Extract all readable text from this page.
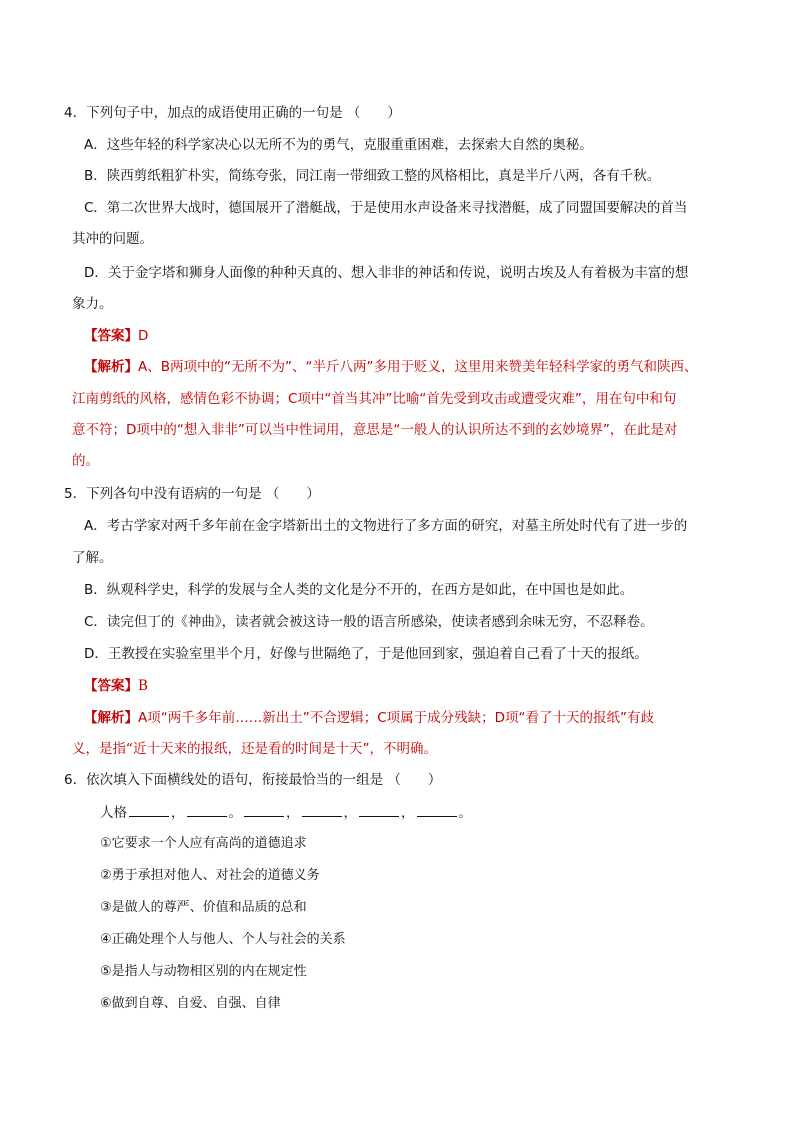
4．下列句子中，加点的成语使用正确的一句是 （　　）
A．这些年轻的科学家决心以无所不为的勇气，克服重重困难，去探索大自然的奥秘。
B．陕西剪纸粗犷朴实，简练夸张，同江南一带细致工整的风格相比，真是半斤八两，各有千秋。
C．第二次世界大战时，德国展开了潜艇战，于是使用水声设备来寻找潜艇，成了同盟国要解决的首当
其冲的问题。
D．关于金字塔和狮身人面像的种种天真的、想入非非的神话和传说，说明古埃及人有着极为丰富的想
象力。
【答案】D
【解析】A、B两项中的“无所不为”、“半斤八两”多用于贬义，这里用来赞美年轻科学家的勇气和陕西、
江南剪纸的风格，感情色彩不协调；C项中“首当其冲”比喻“首先受到攻击或遭受灾难”，用在句中和句
意不符；D项中的“想入非非”可以当中性词用，意思是“一般人的认识所达不到的玄妙境界”，在此是对
的。
5．下列各句中没有语病的一句是 （　　）
A．考古学家对两千多年前在金字塔新出土的文物进行了多方面的研究，对墓主所处时代有了进一步的
了解。
B．纵观科学史，科学的发展与全人类的文化是分不开的，在西方是如此，在中国也是如此。
C．读完但丁的《神曲》，读者就会被这诗一般的语言所感染，使读者感到余味无穷，不忍释卷。
D．王教授在实验室里半个月，好像与世隔绝了，于是他回到家，强迫着自己看了十天的报纸。
【答案】B
【解析】A项“两千多年前……新出土”不合逻辑；C项属于成分残缺；D项“看了十天的报纸”有歧
义，是指“近十天来的报纸，还是看的时间是十天”，不明确。
6．依次填入下面横线处的语句，衔接最恰当的一组是 （　　）
人格	，	。	，	，	，	。
①它要求一个人应有高尚的道德追求
②勇于承担对他人、对社会的道德义务
③是做人的尊严、价值和品质的总和
④正确处理个人与他人、个人与社会的关系
⑤是指人与动物相区别的内在规定性
⑥做到自尊、自爱、自强、自律
